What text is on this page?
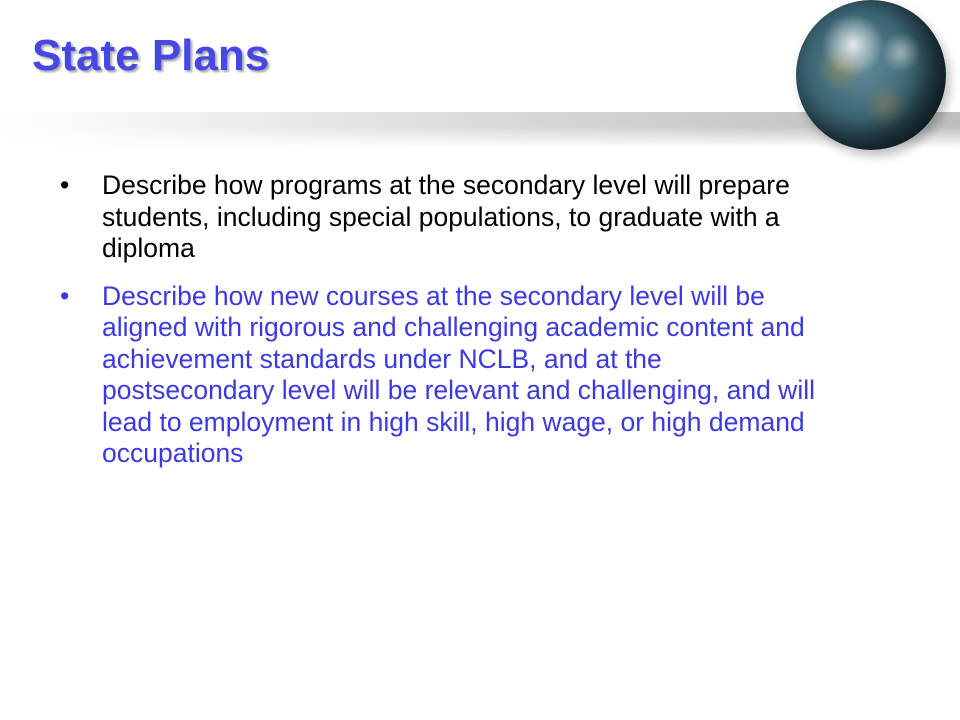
State Plans
• Describe how programs at the secondary level will prepare students, including special populations, to graduate with a diploma
• Describe how new courses at the secondary level will be aligned with rigorous and challenging academic content and achievement standards under NCLB, and at the postsecondary level will be relevant and challenging, and will lead to employment in high skill, high wage, or high demand occupations
